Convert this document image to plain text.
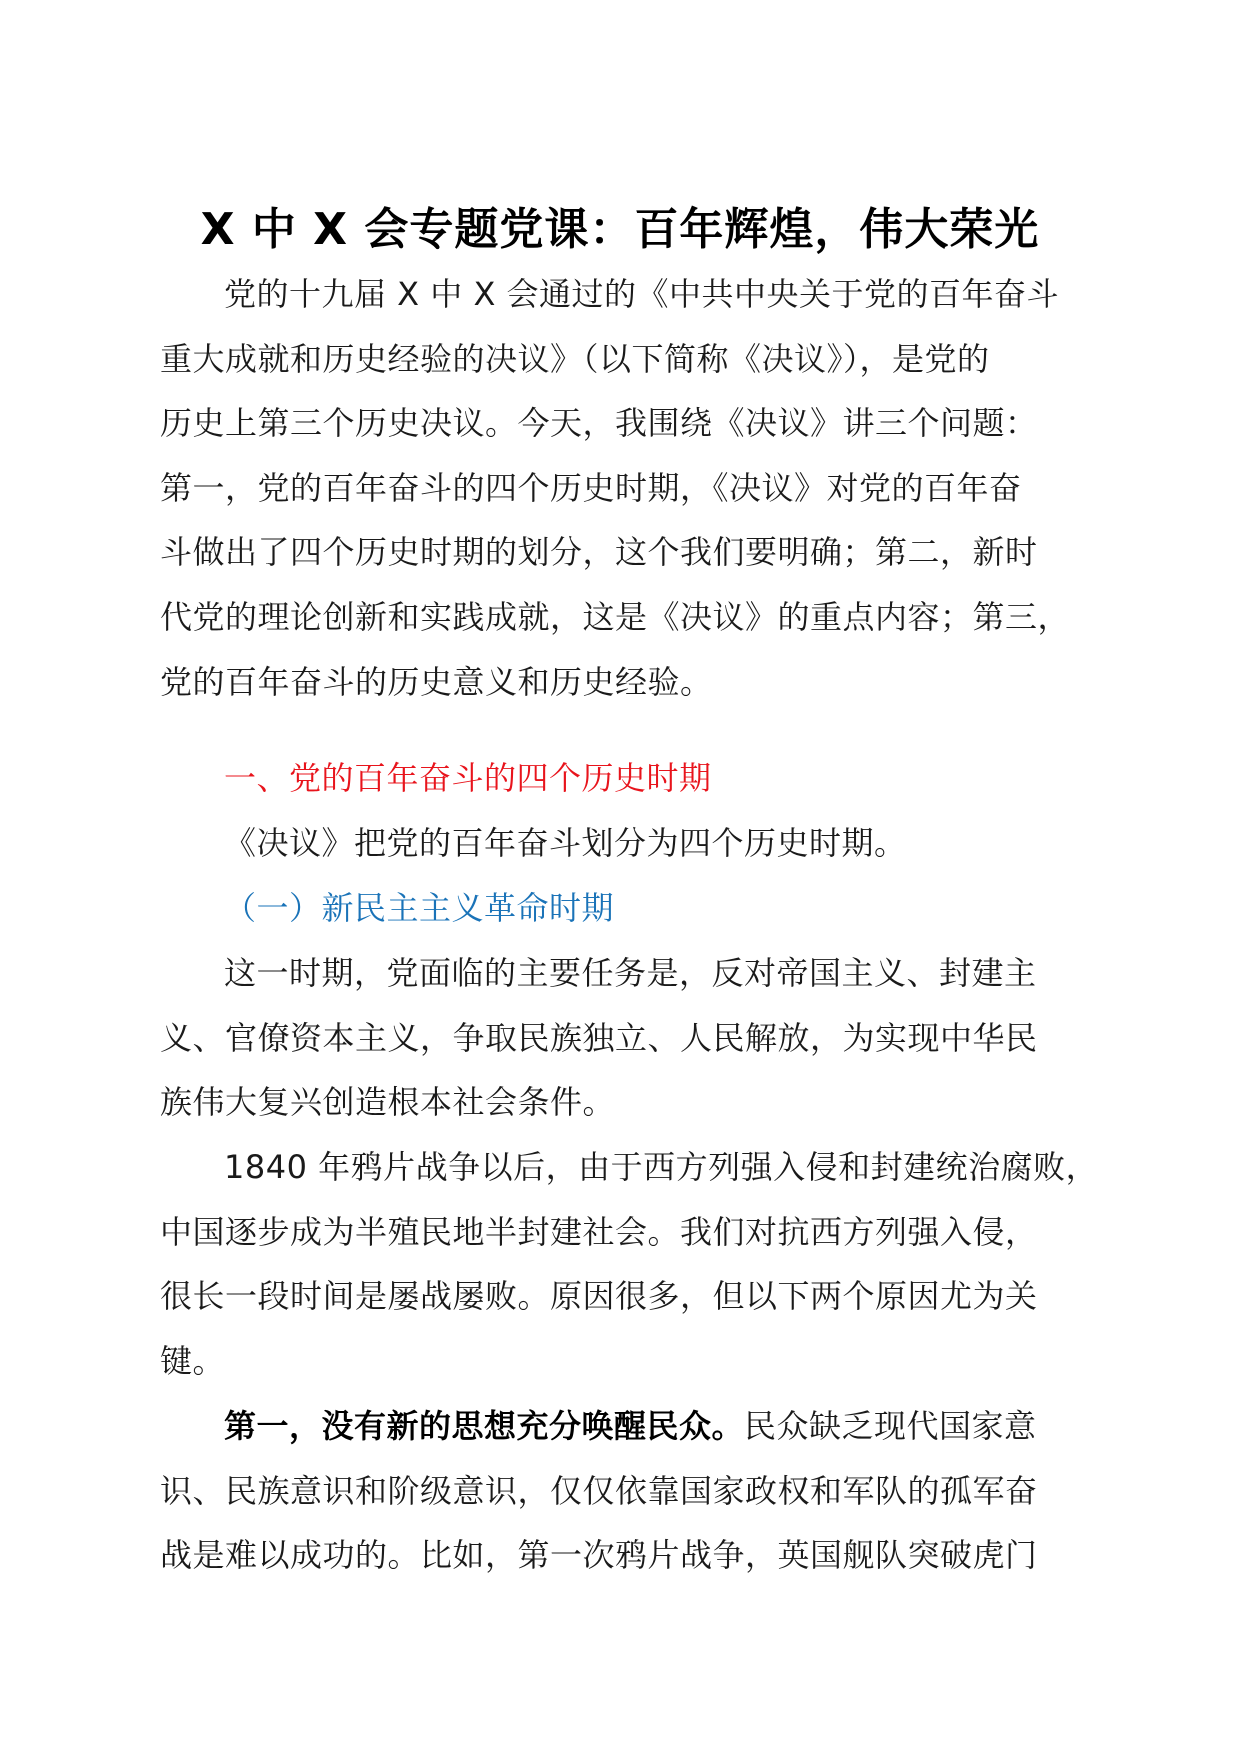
X 中 X 会专题党课：百年辉煌，伟大荣光

党的十九届 X 中 X 会通过的《中共中央关于党的百年奋斗
重大成就和历史经验的决议》（以下简称《决议》），是党的
历史上第三个历史决议。今天，我围绕《决议》讲三个问题：
第一，党的百年奋斗的四个历史时期，《决议》对党的百年奋
斗做出了四个历史时期的划分，这个我们要明确；第二，新时
代党的理论创新和实践成就，这是《决议》的重点内容；第三，
党的百年奋斗的历史意义和历史经验。

一、党的百年奋斗的四个历史时期

《决议》把党的百年奋斗划分为四个历史时期。

（一）新民主主义革命时期

这一时期，党面临的主要任务是，反对帝国主义、封建主
义、官僚资本主义，争取民族独立、人民解放，为实现中华民
族伟大复兴创造根本社会条件。

1840 年鸦片战争以后，由于西方列强入侵和封建统治腐败，
中国逐步成为半殖民地半封建社会。我们对抗西方列强入侵，
很长一段时间是屡战屡败。原因很多，但以下两个原因尤为关
键。

第一，没有新的思想充分唤醒民众。民众缺乏现代国家意
识、民族意识和阶级意识，仅仅依靠国家政权和军队的孤军奋
战是难以成功的。比如，第一次鸦片战争，英国舰队突破虎门
